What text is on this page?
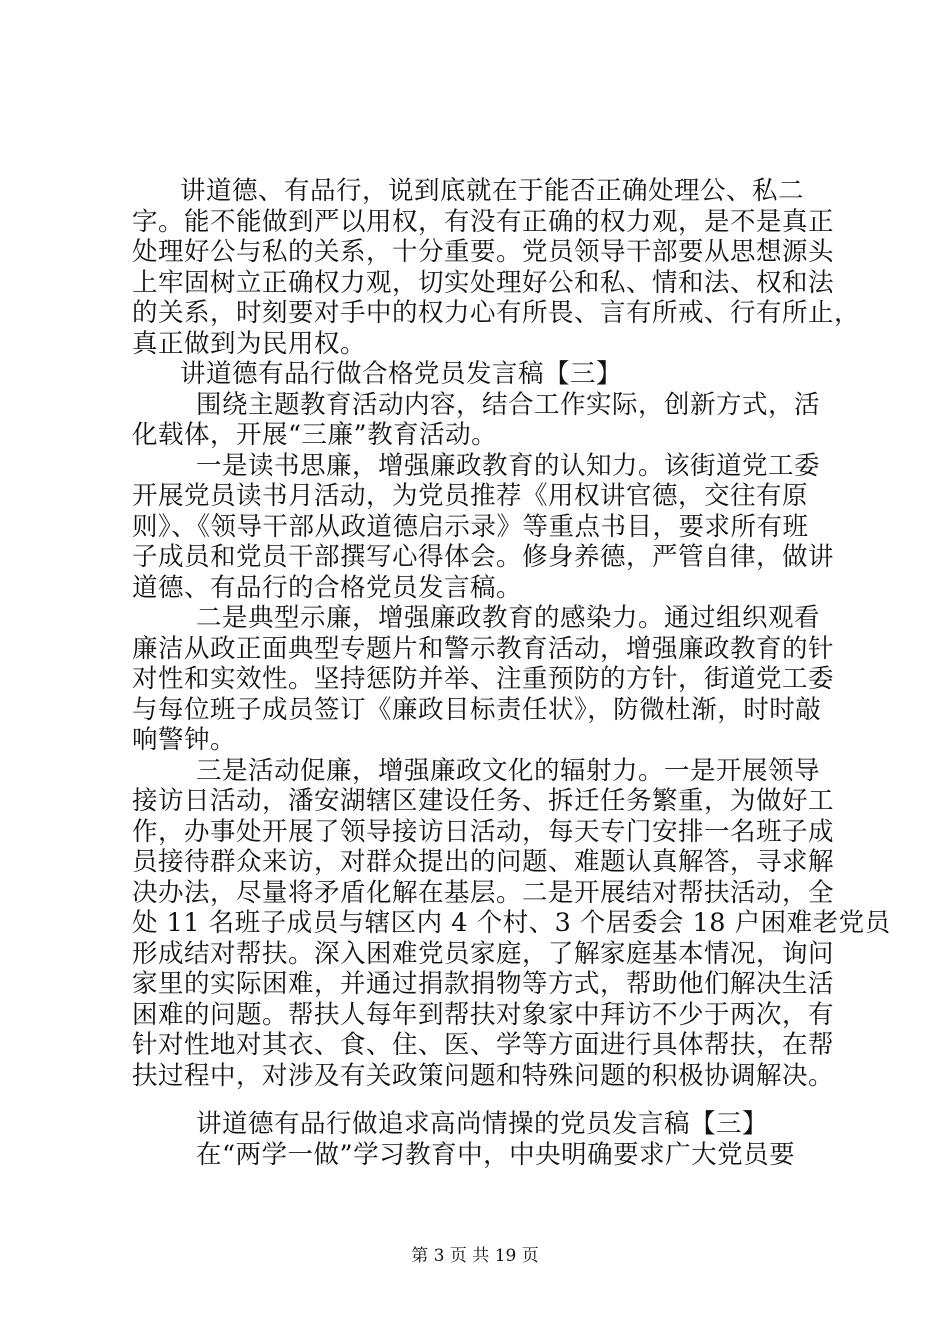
讲道德、有品行，说到底就在于能否正确处理公、私二
字。能不能做到严以用权，有没有正确的权力观，是不是真正
处理好公与私的关系，十分重要。党员领导干部要从思想源头
上牢固树立正确权力观，切实处理好公和私、情和法、权和法
的关系，时刻要对手中的权力心有所畏、言有所戒、行有所止，
真正做到为民用权。
讲道德有品行做合格党员发言稿【三】
围绕主题教育活动内容，结合工作实际，创新方式，活
化载体，开展“三廉”教育活动。
一是读书思廉，增强廉政教育的认知力。该街道党工委
开展党员读书月活动，为党员推荐《用权讲官德，交往有原
则》、《领导干部从政道德启示录》等重点书目，要求所有班
子成员和党员干部撰写心得体会。修身养德，严管自律，做讲
道德、有品行的合格党员发言稿。
二是典型示廉，增强廉政教育的感染力。通过组织观看
廉洁从政正面典型专题片和警示教育活动，增强廉政教育的针
对性和实效性。坚持惩防并举、注重预防的方针，街道党工委
与每位班子成员签订《廉政目标责任状》，防微杜渐，时时敲
响警钟。
三是活动促廉，增强廉政文化的辐射力。一是开展领导
接访日活动，潘安湖辖区建设任务、拆迁任务繁重，为做好工
作，办事处开展了领导接访日活动，每天专门安排一名班子成
员接待群众来访，对群众提出的问题、难题认真解答，寻求解
决办法，尽量将矛盾化解在基层。二是开展结对帮扶活动，全
处 11 名班子成员与辖区内 4 个村、3 个居委会 18 户困难老党员
形成结对帮扶。深入困难党员家庭，了解家庭基本情况，询问
家里的实际困难，并通过捐款捐物等方式，帮助他们解决生活
困难的问题。帮扶人每年到帮扶对象家中拜访不少于两次，有
针对性地对其衣、食、住、医、学等方面进行具体帮扶，在帮
扶过程中，对涉及有关政策问题和特殊问题的积极协调解决。
讲道德有品行做追求高尚情操的党员发言稿【三】
在“两学一做”学习教育中，中央明确要求广大党员要
第 3 页 共 19 页
